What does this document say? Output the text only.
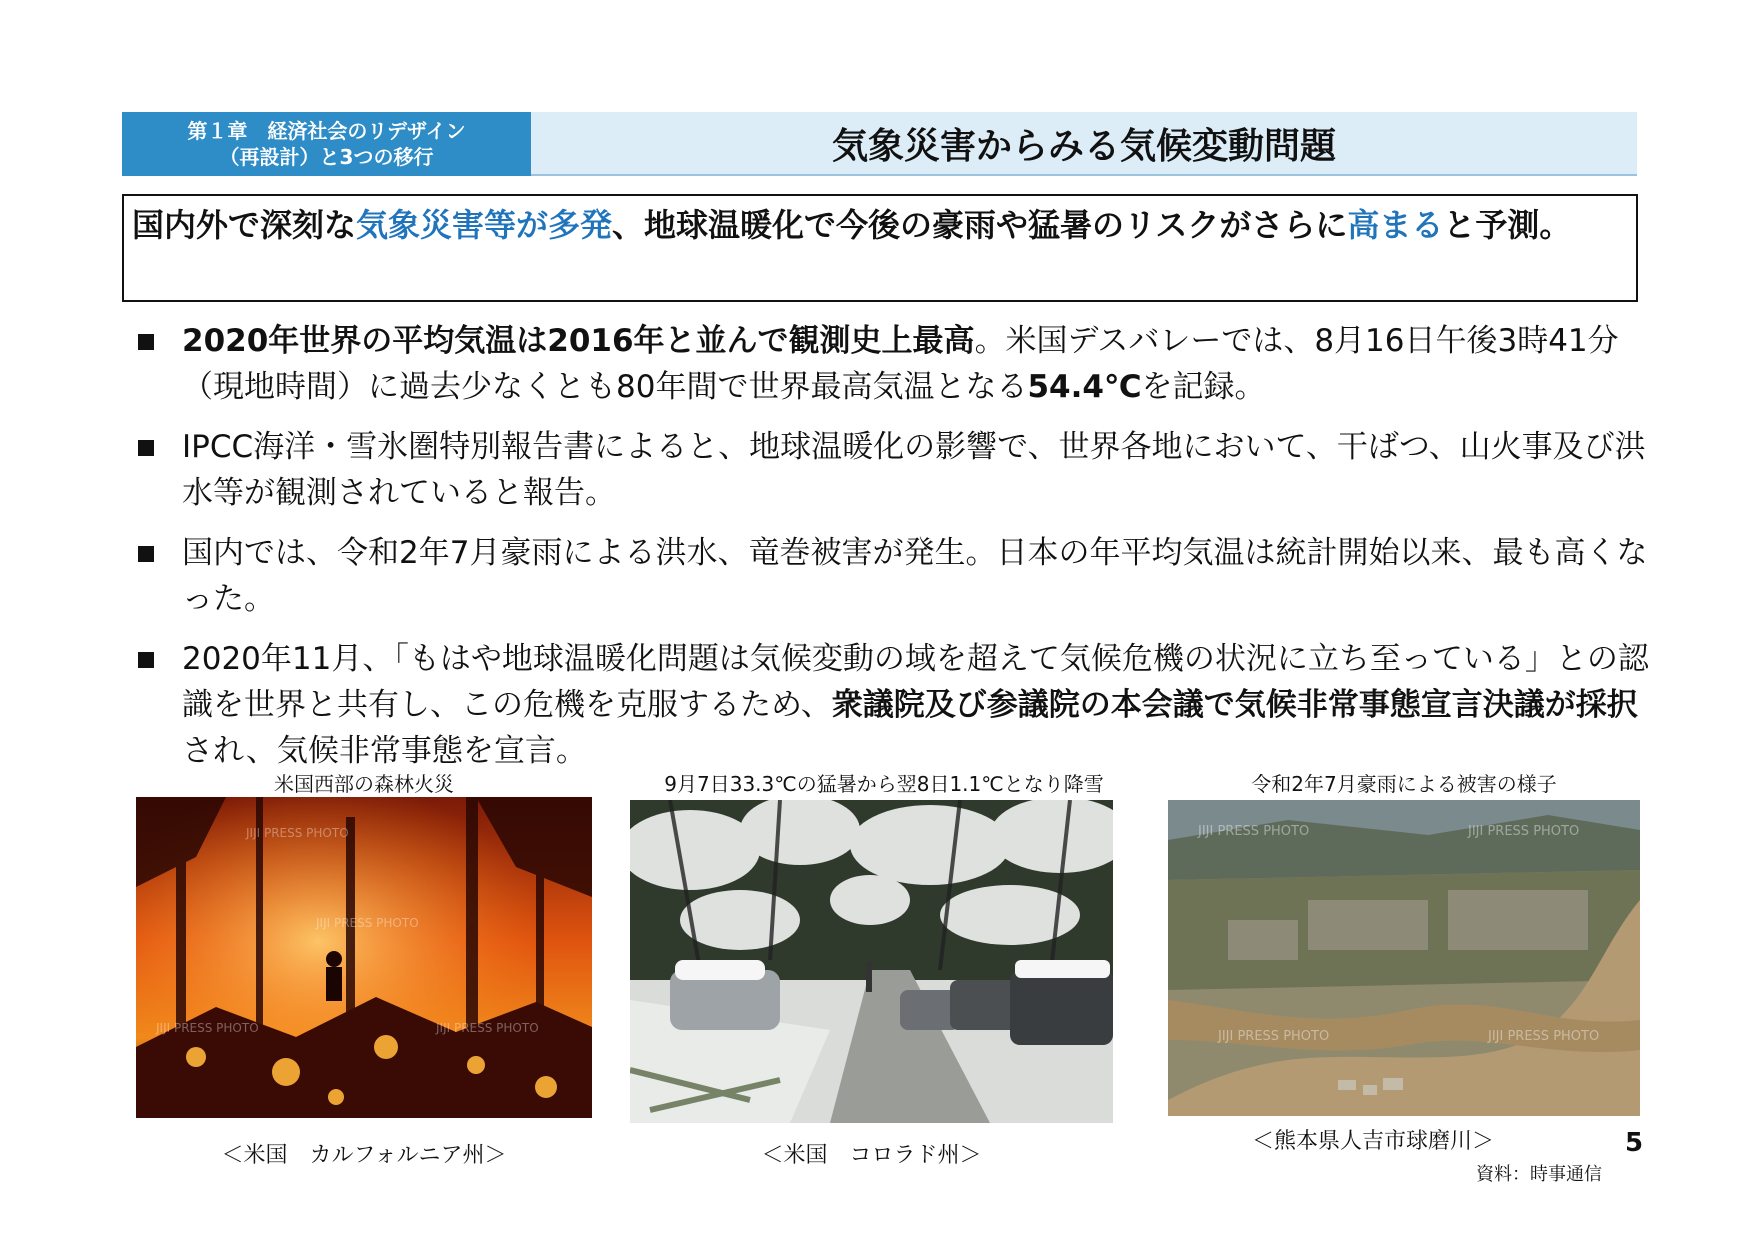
第１章　経済社会のリデザイン
（再設計）と3つの移行	気象災害からみる気候変動問題
国内外で深刻な気象災害等が多発、地球温暖化で今後の豪雨や猛暑のリスクがさらに高まると予測。
2020年世界の平均気温は2016年と並んで観測史上最高。米国デスバレーでは、8月16日午後3時41分（現地時間）に過去少なくとも80年間で世界最高気温となる54.4℃を記録。
IPCC海洋・雪氷圏特別報告書によると、地球温暖化の影響で、世界各地において、干ばつ、山火事及び洪水等が観測されていると報告。
国内では、令和2年7月豪雨による洪水、竜巻被害が発生。日本の年平均気温は統計開始以来、最も高くなった。
2020年11月、「もはや地球温暖化問題は気候変動の域を超えて気候危機の状況に立ち至っている」との認識を世界と共有し、この危機を克服するため、衆議院及び参議院の本会議で気候非常事態宣言決議が採択され、気候非常事態を宣言。
米国西部の森林火災
JIJI PRESS PHOTO
JIJI PRESS PHOTO
JIJI PRESS PHOTO	JIJI PRESS PHOTO
＜米国　カルフォルニア州＞
9月7日33.3℃の猛暑から翌8日1.1℃となり降雪
＜米国　コロラド州＞
令和2年7月豪雨による被害の様子
JIJI PRESS PHOTO	JIJI PRESS PHOTO
JIJI PRESS PHOTO	JIJI PRESS PHOTO
＜熊本県人吉市球磨川＞	5
資料：時事通信
